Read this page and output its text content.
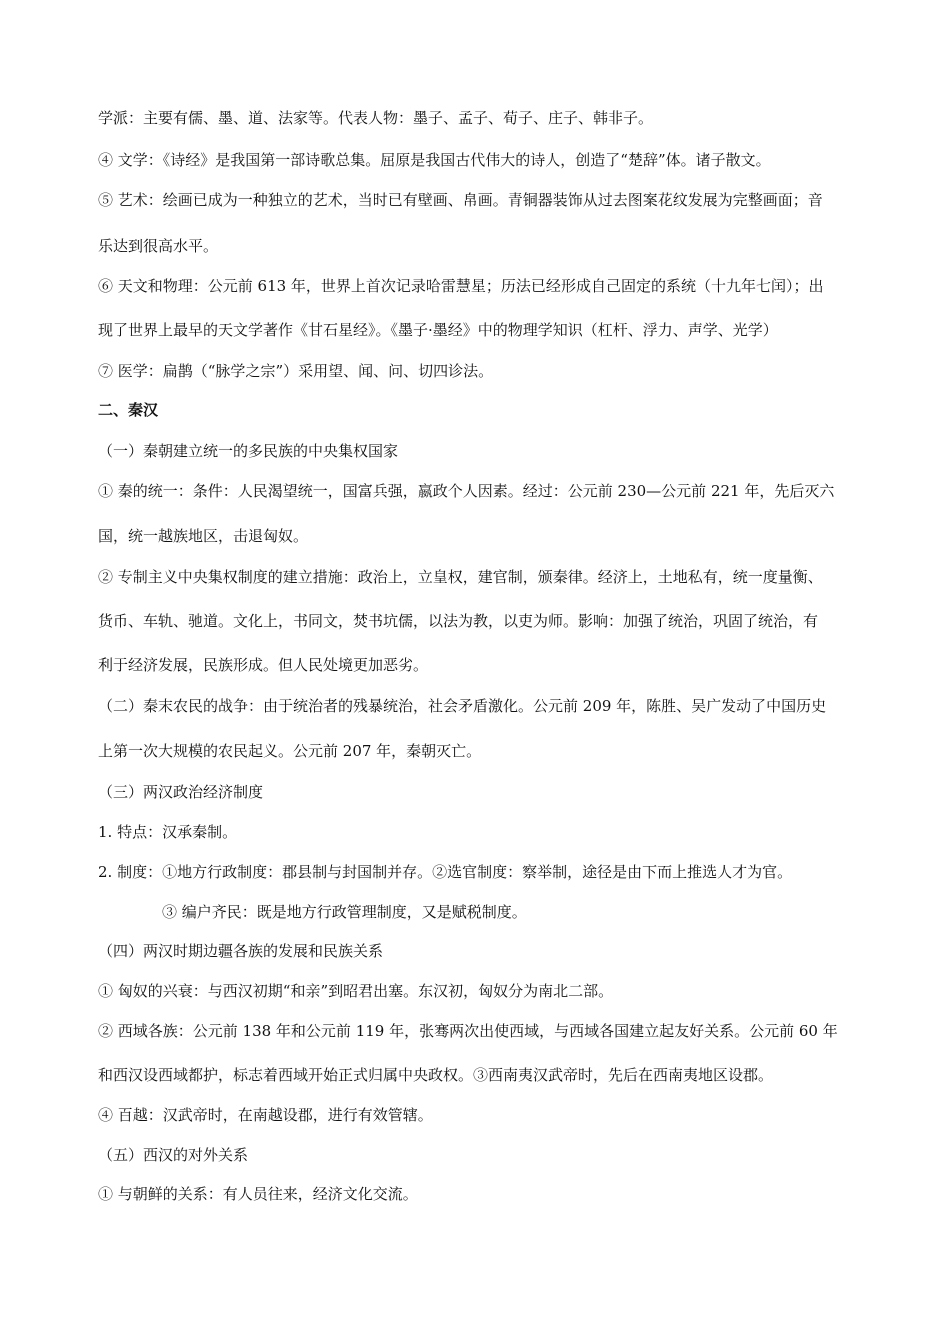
学派：主要有儒、墨、道、法家等。代表人物：墨子、孟子、荀子、庄子、韩非子。
④ 文学：《诗经》是我国第一部诗歌总集。屈原是我国古代伟大的诗人，创造了“楚辞”体。诸子散文。
⑤ 艺术：绘画已成为一种独立的艺术，当时已有壁画、帛画。青铜器装饰从过去图案花纹发展为完整画面；音
乐达到很高水平。
⑥ 天文和物理：公元前 613 年，世界上首次记录哈雷慧星；历法已经形成自己固定的系统（十九年七闰）；出
现了世界上最早的天文学著作《甘石星经》。《墨子·墨经》中的物理学知识（杠杆、浮力、声学、光学）
⑦ 医学：扁鹊（“脉学之宗”）采用望、闻、问、切四诊法。
二、秦汉
（一）秦朝建立统一的多民族的中央集权国家
① 秦的统一：条件：人民渴望统一，国富兵强，嬴政个人因素。经过：公元前 230—公元前 221 年，先后灭六
国，统一越族地区，击退匈奴。
② 专制主义中央集权制度的建立措施：政治上，立皇权，建官制，颁秦律。经济上，土地私有，统一度量衡、
货币、车轨、驰道。文化上，书同文，焚书坑儒，以法为教，以吏为师。影响：加强了统治，巩固了统治，有
利于经济发展，民族形成。但人民处境更加恶劣。
（二）秦末农民的战争：由于统治者的残暴统治，社会矛盾激化。公元前 209 年，陈胜、吴广发动了中国历史
上第一次大规模的农民起义。公元前 207 年，秦朝灭亡。
（三）两汉政治经济制度
1. 特点：汉承秦制。
2. 制度：①地方行政制度：郡县制与封国制并存。②选官制度：察举制，途径是由下而上推选人才为官。
③ 编户齐民：既是地方行政管理制度，又是赋税制度。
（四）两汉时期边疆各族的发展和民族关系
① 匈奴的兴衰：与西汉初期“和亲”到昭君出塞。东汉初，匈奴分为南北二部。
② 西域各族：公元前 138 年和公元前 119 年，张骞两次出使西域，与西域各国建立起友好关系。公元前 60 年
和西汉设西域都护，标志着西域开始正式归属中央政权。③西南夷汉武帝时，先后在西南夷地区设郡。
④ 百越：汉武帝时，在南越设郡，进行有效管辖。
（五）西汉的对外关系
① 与朝鲜的关系：有人员往来，经济文化交流。
